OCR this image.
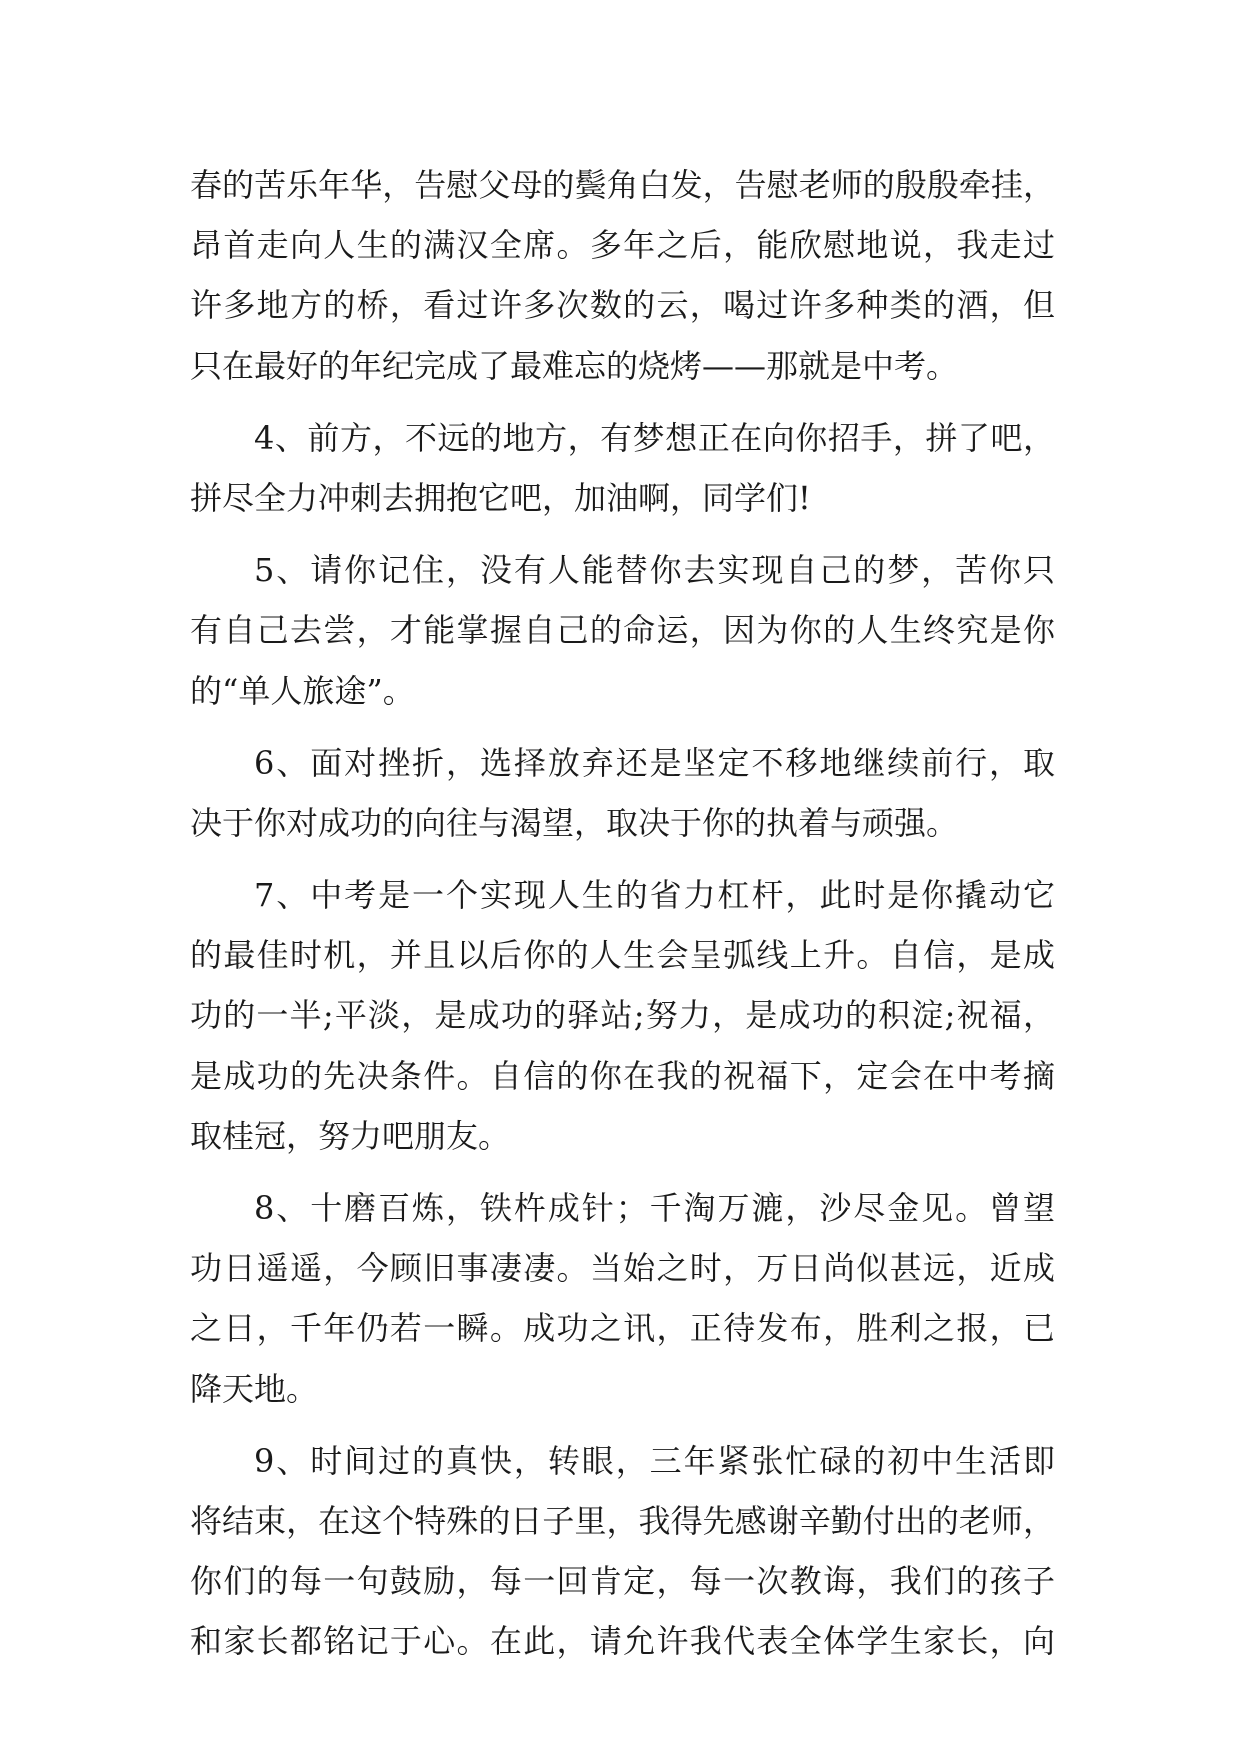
春的苦乐年华，告慰父母的鬓角白发，告慰老师的殷殷牵挂，
昂首走向人生的满汉全席。多年之后，能欣慰地说，我走过
许多地方的桥，看过许多次数的云，喝过许多种类的酒，但
只在最好的年纪完成了最难忘的烧烤——那就是中考。
4、前方，不远的地方，有梦想正在向你招手，拼了吧，
拼尽全力冲刺去拥抱它吧，加油啊，同学们!
5、请你记住，没有人能替你去实现自己的梦，苦你只
有自己去尝，才能掌握自己的命运，因为你的人生终究是你
的“单人旅途”。
6、面对挫折，选择放弃还是坚定不移地继续前行，取
决于你对成功的向往与渴望，取决于你的执着与顽强。
7、中考是一个实现人生的省力杠杆，此时是你撬动它
的最佳时机，并且以后你的人生会呈弧线上升。自信，是成
功的一半;平淡，是成功的驿站;努力，是成功的积淀;祝福，
是成功的先决条件。自信的你在我的祝福下，定会在中考摘
取桂冠，努力吧朋友。
8、十磨百炼，铁杵成针；千淘万漉，沙尽金见。曾望
功日遥遥，今顾旧事凄凄。当始之时，万日尚似甚远，近成
之日，千年仍若一瞬。成功之讯，正待发布，胜利之报，已
降天地。
9、时间过的真快，转眼，三年紧张忙碌的初中生活即
将结束，在这个特殊的日子里，我得先感谢辛勤付出的老师，
你们的每一句鼓励，每一回肯定，每一次教诲，我们的孩子
和家长都铭记于心。在此，请允许我代表全体学生家长，向
